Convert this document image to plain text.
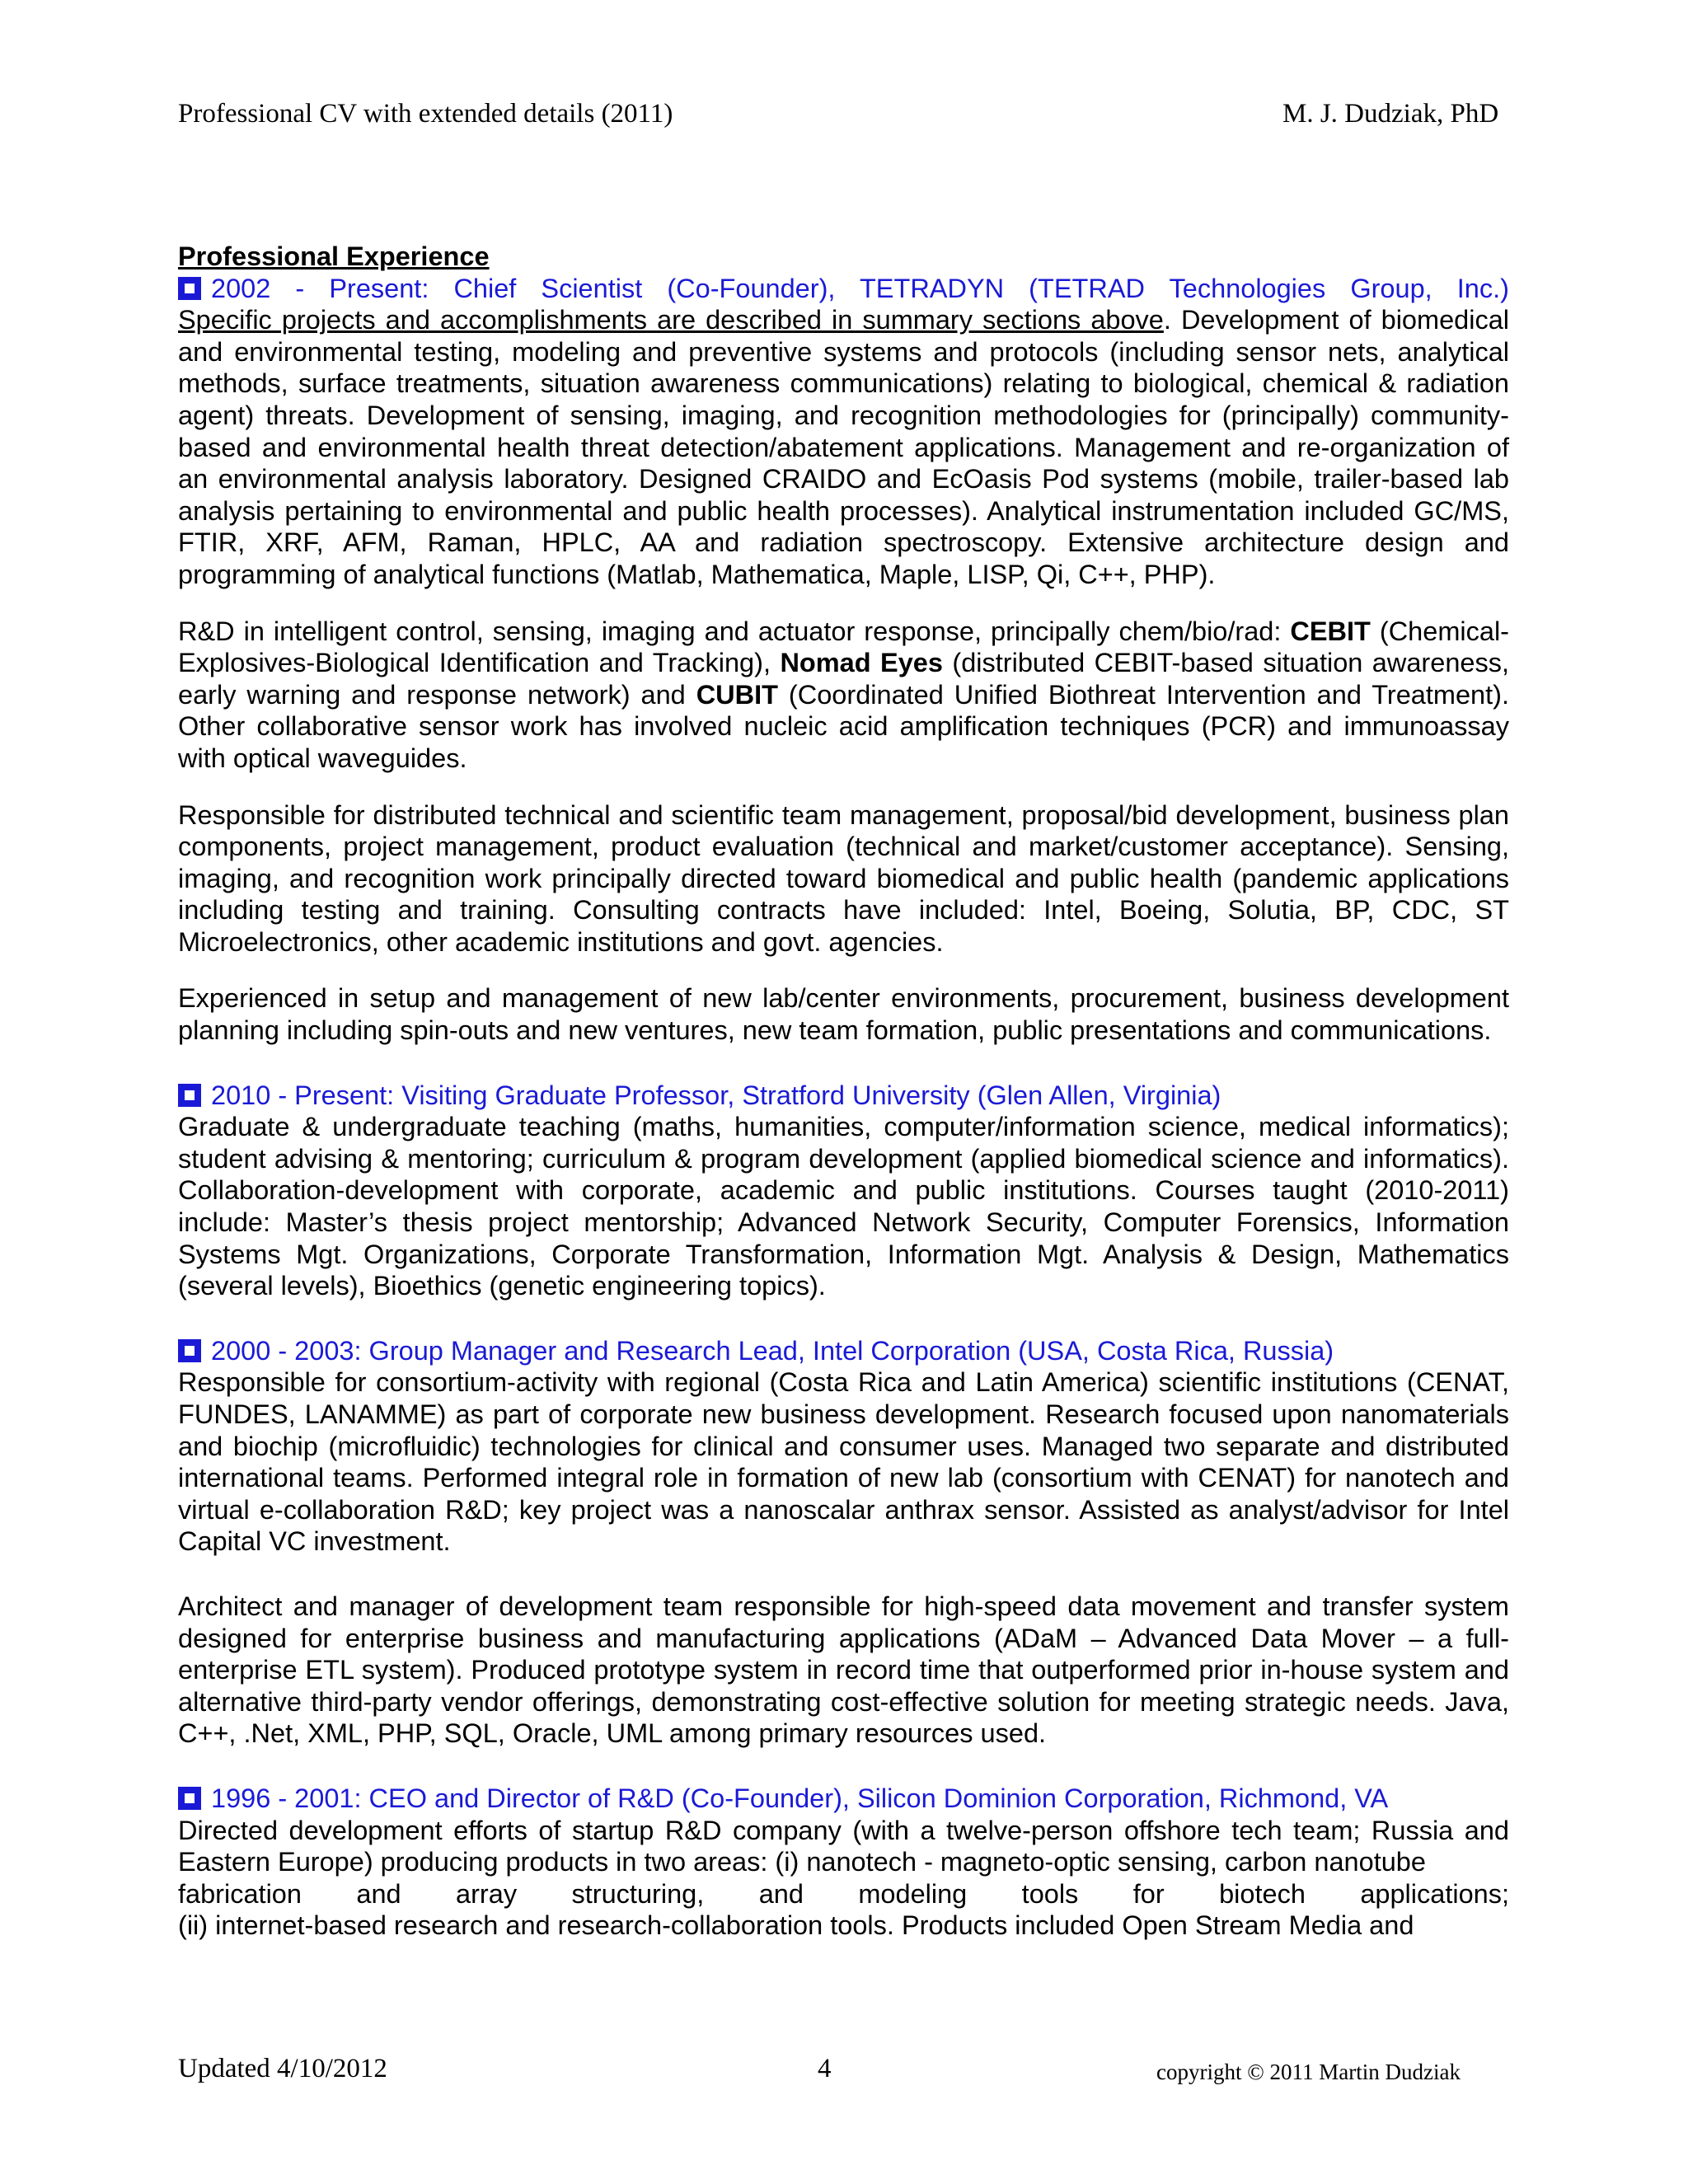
Professional CV with extended details (2011)	M. J. Dudziak, PhD

Professional Experience

2002 - Present: Chief Scientist (Co-Founder), TETRADYN (TETRAD Technologies Group, Inc.)

Specific projects and accomplishments are described in summary sections above. Development of biomedical and environmental testing, modeling and preventive systems and protocols (including sensor nets, analytical methods, surface treatments, situation awareness communications) relating to biological, chemical & radiation agent) threats. Development of sensing, imaging, and recognition methodologies for (principally) community-based and environmental health threat detection/abatement applications. Management and re-organization of an environmental analysis laboratory. Designed CRAIDO and EcOasis Pod systems (mobile, trailer-based lab analysis pertaining to environmental and public health processes). Analytical instrumentation included GC/MS, FTIR, XRF, AFM, Raman, HPLC, AA and radiation spectroscopy. Extensive architecture design and programming of analytical functions (Matlab, Mathematica, Maple, LISP, Qi, C++, PHP).

R&D in intelligent control, sensing, imaging and actuator response, principally chem/bio/rad: CEBIT (Chemical-Explosives-Biological Identification and Tracking), Nomad Eyes (distributed CEBIT-based situation awareness, early warning and response network) and CUBIT (Coordinated Unified Biothreat Intervention and Treatment). Other collaborative sensor work has involved nucleic acid amplification techniques (PCR) and immunoassay with optical waveguides.

Responsible for distributed technical and scientific team management, proposal/bid development, business plan components, project management, product evaluation (technical and market/customer acceptance). Sensing, imaging, and recognition work principally directed toward biomedical and public health (pandemic applications including testing and training. Consulting contracts have included: Intel, Boeing, Solutia, BP, CDC, ST Microelectronics, other academic institutions and govt. agencies.

Experienced in setup and management of new lab/center environments, procurement, business development planning including spin-outs and new ventures, new team formation, public presentations and communications.

2010 - Present: Visiting Graduate Professor, Stratford University (Glen Allen, Virginia)

Graduate & undergraduate teaching (maths, humanities, computer/information science, medical informatics); student advising & mentoring; curriculum & program development (applied biomedical science and informatics). Collaboration-development with corporate, academic and public institutions. Courses taught (2010-2011) include: Master’s thesis project mentorship; Advanced Network Security, Computer Forensics, Information Systems Mgt. Organizations, Corporate Transformation, Information Mgt. Analysis & Design, Mathematics (several levels), Bioethics (genetic engineering topics).

2000 - 2003: Group Manager and Research Lead, Intel Corporation (USA, Costa Rica, Russia)

Responsible for consortium-activity with regional (Costa Rica and Latin America) scientific institutions (CENAT, FUNDES, LANAMME) as part of corporate new business development. Research focused upon nanomaterials and biochip (microfluidic) technologies for clinical and consumer uses. Managed two separate and distributed international teams. Performed integral role in formation of new lab (consortium with CENAT) for nanotech and virtual e-collaboration R&D; key project was a nanoscalar anthrax sensor. Assisted as analyst/advisor for Intel Capital VC investment.

Architect and manager of development team responsible for high-speed data movement and transfer system designed for enterprise business and manufacturing applications (ADaM – Advanced Data Mover – a full-enterprise ETL system). Produced prototype system in record time that outperformed prior in-house system and alternative third-party vendor offerings, demonstrating cost-effective solution for meeting strategic needs. Java, C++, .Net, XML, PHP, SQL, Oracle, UML among primary resources used.

1996 - 2001: CEO and Director of R&D (Co-Founder), Silicon Dominion Corporation, Richmond, VA

Directed development efforts of startup R&D company (with a twelve-person offshore tech team; Russia and Eastern Europe) producing products in two areas: (i) nanotech - magneto-optic sensing, carbon nanotube

fabrication and array structuring, and modeling tools for biotech applications;

(ii) internet-based research and research-collaboration tools. Products included Open Stream Media and

Updated 4/10/2012	4	copyright © 2011 Martin Dudziak
